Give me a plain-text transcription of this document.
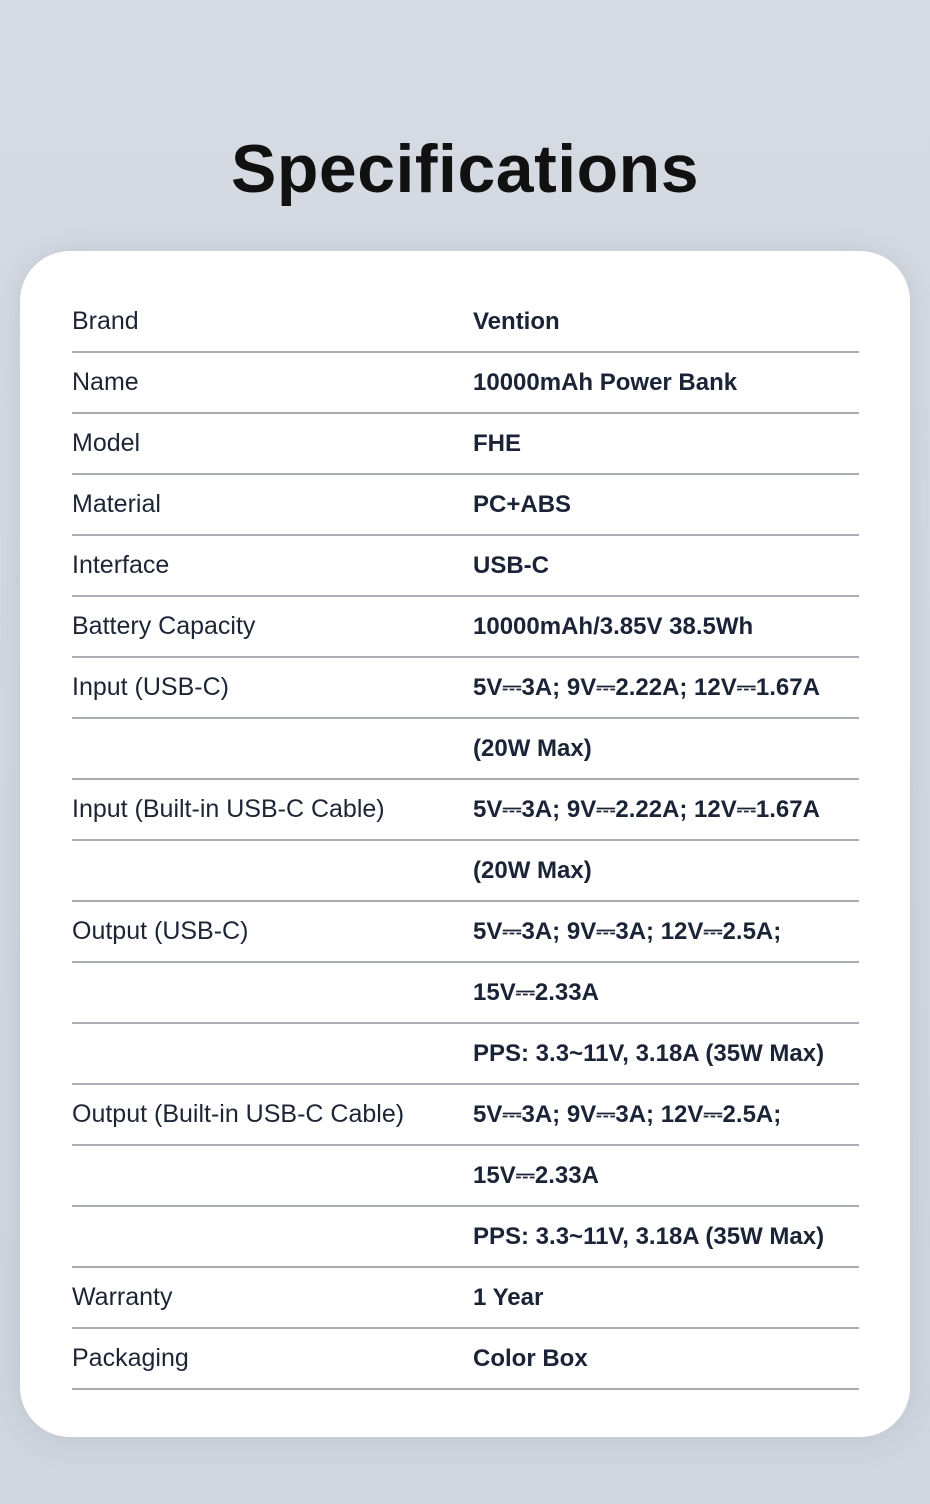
Specifications
Brand	Vention
Name	10000mAh Power Bank
Model	FHE
Material	PC+ABS
Interface	USB-C
Battery Capacity	10000mAh/3.85V 38.5Wh
Input (USB-C)	5V⎓3A; 9V⎓2.22A; 12V⎓1.67A
(20W Max)
Input (Built-in USB-C Cable)	5V⎓3A; 9V⎓2.22A; 12V⎓1.67A
(20W Max)
Output (USB-C)	5V⎓3A; 9V⎓3A; 12V⎓2.5A;
15V⎓2.33A
PPS: 3.3~11V, 3.18A (35W Max)
Output (Built-in USB-C Cable)	5V⎓3A; 9V⎓3A; 12V⎓2.5A;
15V⎓2.33A
PPS: 3.3~11V, 3.18A (35W Max)
Warranty	1 Year
Packaging	Color Box
